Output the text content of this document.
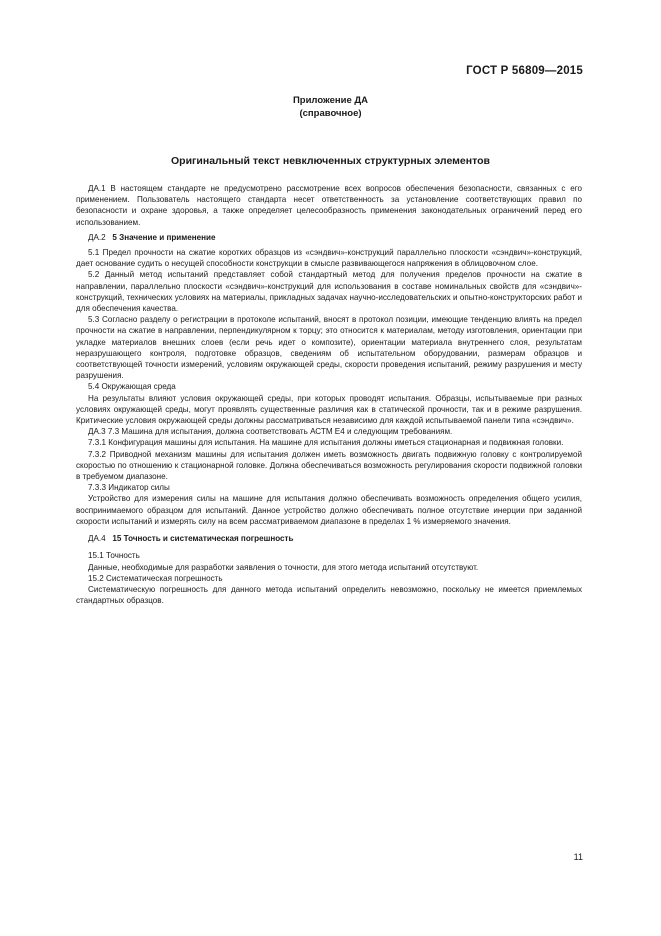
ГОСТ Р 56809—2015
Приложение ДА
(справочное)
Оригинальный текст невключенных структурных элементов

ДА.1 В настоящем стандарте не предусмотрено рассмотрение всех вопросов обеспечения безопасности, связанных с его применением. Пользователь настоящего стандарта несет ответственность за установление соответствующих правил по безопасности и охране здоровья, а также определяет целесообразность применения законодательных ограничений перед его использованием.

ДА.2 5 Значение и применение

5.1 Предел прочности на сжатие коротких образцов из «сэндвич»-конструкций параллельно плоскости «сэндвич»-конструкций, дает основание судить о несущей способности конструкции в смысле развивающегося напряжения в облицовочном слое.

5.2 Данный метод испытаний представляет собой стандартный метод для получения пределов прочности на сжатие в направлении, параллельно плоскости «сэндвич»-конструкций для использования в составе номинальных свойств для «сэндвич»-конструкций, технических условиях на материалы, прикладных задачах научно-исследовательских и опытно-конструкторских работ и для обеспечения качества.

5.3 Согласно разделу о регистрации в протоколе испытаний, вносят в протокол позиции, имеющие тенденцию влиять на предел прочности на сжатие в направлении, перпендикулярном к торцу; это относится к материалам, методу изготовления, ориентации при укладке материалов внешних слоев (если речь идет о композите), ориентации материала внутреннего слоя, результатам неразрушающего контроля, подготовке образцов, сведениям об испытательном оборудовании, размерам образцов и соответствующей точности измерений, условиям окружающей среды, скорости проведения испытаний, режиму разрушения и месту разрушения.

5.4 Окружающая среда

На результаты влияют условия окружающей среды, при которых проводят испытания. Образцы, испытываемые при разных условиях окружающей среды, могут проявлять существенные различия как в статической прочности, так и в режиме разрушения. Критические условия окружающей среды должны рассматриваться независимо для каждой испытываемой панели типа «сэндвич».

ДА.3 7.3 Машина для испытания, должна соответствовать АСТМ Е4 и следующим требованиям.

7.3.1 Конфигурация машины для испытания. На машине для испытания должны иметься стационарная и подвижная головки.

7.3.2 Приводной механизм машины для испытания должен иметь возможность двигать подвижную головку с контролируемой скоростью по отношению к стационарной головке. Должна обеспечиваться возможность регулирования скорости подвижной головки в требуемом диапазоне.

7.3.3 Индикатор силы

Устройство для измерения силы на машине для испытания должно обеспечивать возможность определения общего усилия, воспринимаемого образцом для испытаний. Данное устройство должно обеспечивать полное отсутствие инерции при заданной скорости испытаний и измерять силу на всем рассматриваемом диапазоне в пределах 1 % измеряемого значения.

ДА.4 15 Точность и систематическая погрешность

15.1 Точность

Данные, необходимые для разработки заявления о точности, для этого метода испытаний отсутствуют.

15.2 Систематическая погрешность

Систематическую погрешность для данного метода испытаний определить невозможно, поскольку не имеется приемлемых стандартных образцов.

11
